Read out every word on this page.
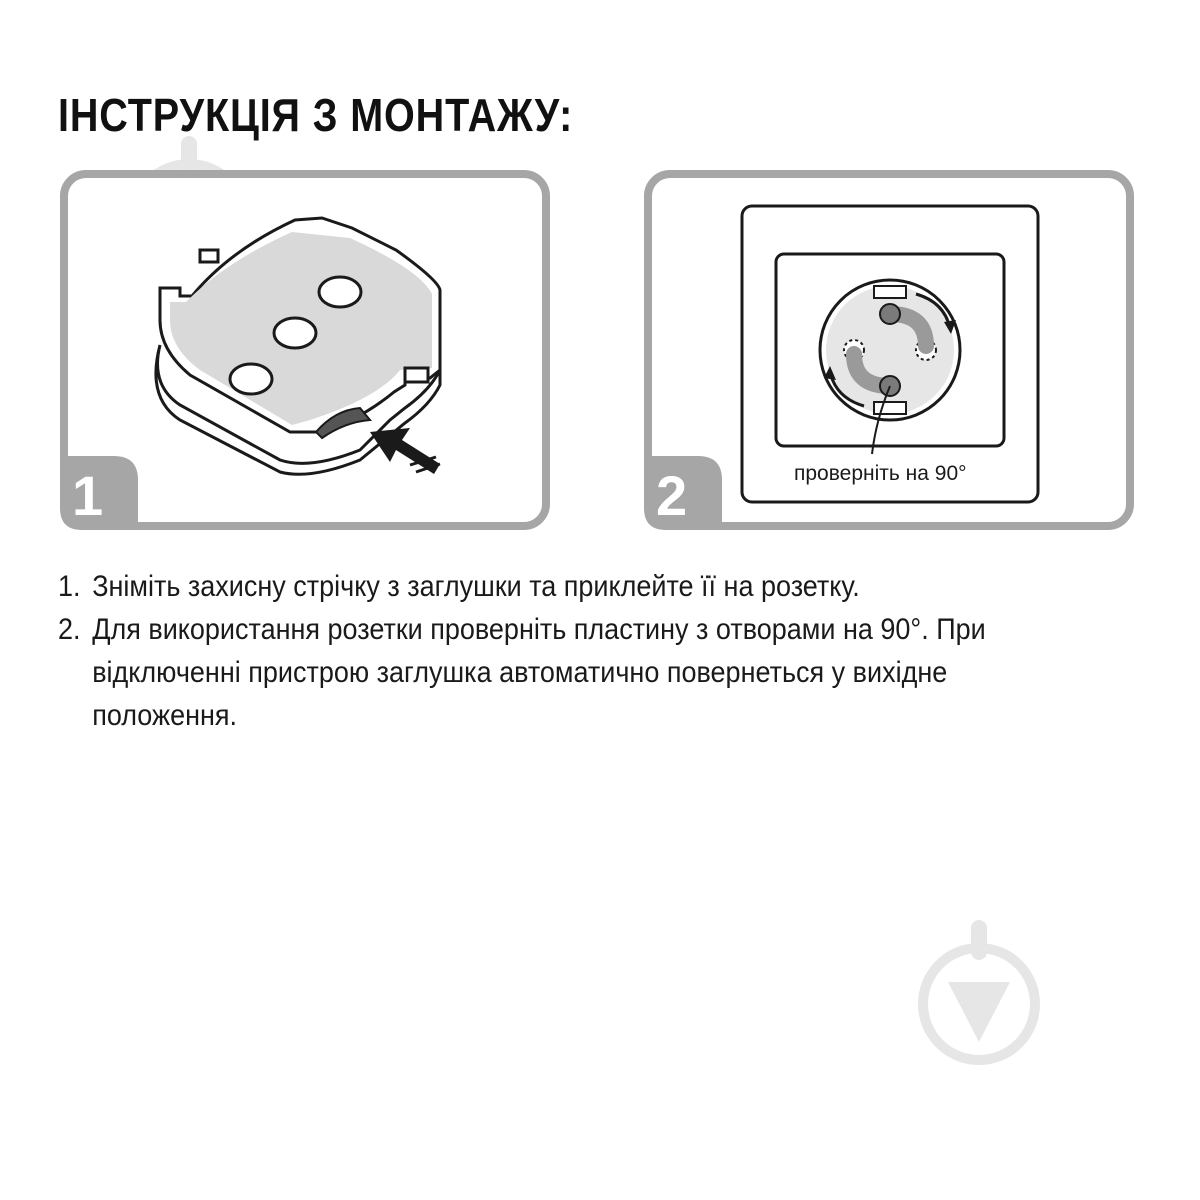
ІНСТРУКЦІЯ З МОНТАЖУ:
1	2	проверніть на 90°
1. Зніміть захисну стрічку з заглушки та приклейте її на розетку.
2. Для використання розетки проверніть пластину з отворами на 90°. При відключенні пристрою заглушка автоматично повернеться у вихідне положення.
